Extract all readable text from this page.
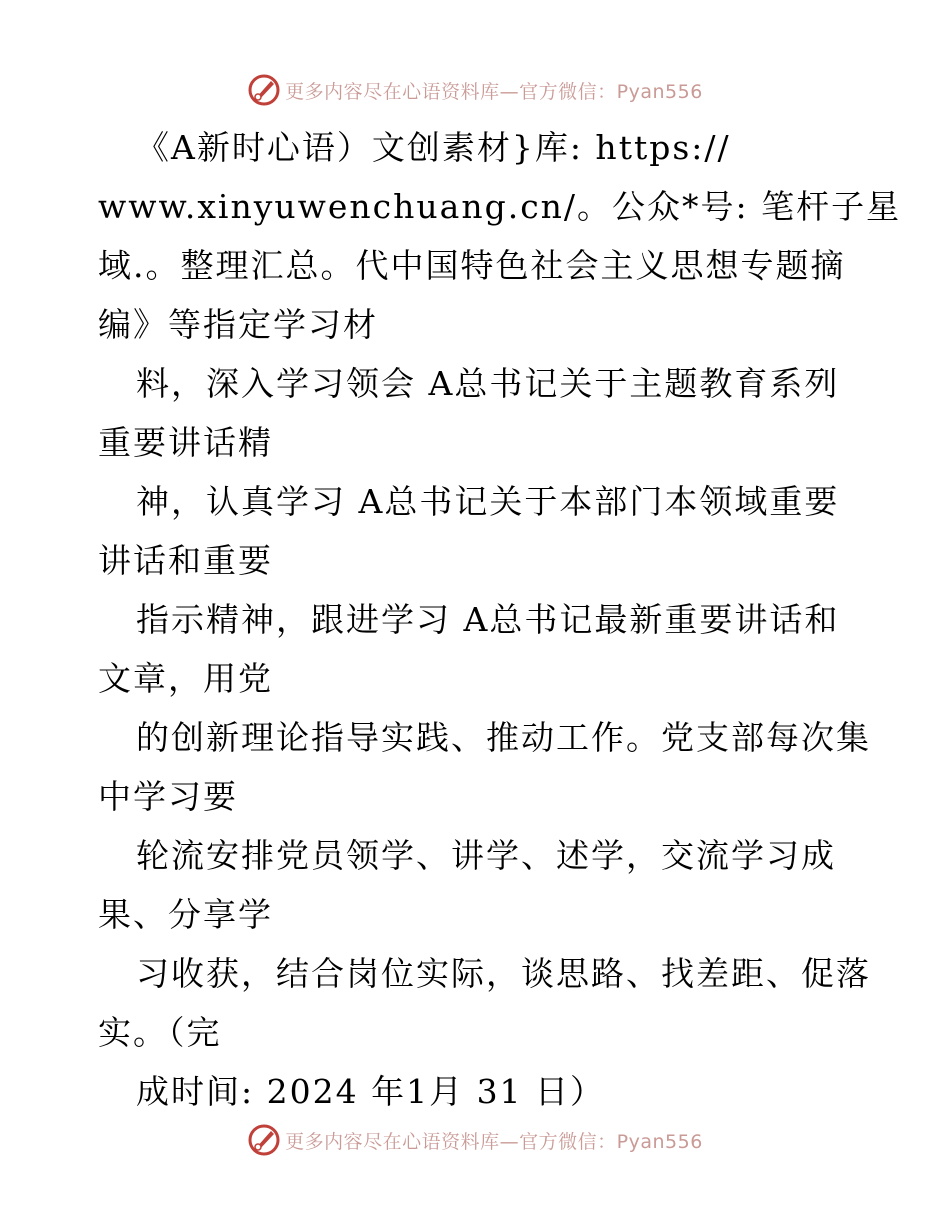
更多内容尽在心语资料库—官方微信：Pyan556
《A新时心语）文创素材}库: https://
www.xinyuwenchuang.cn/。公众*号: 笔杆子星
域.。整理汇总。代中国特色社会主义思想专题摘
编》等指定学习材
料，深入学习领会 A总书记关于主题教育系列
重要讲话精
神，认真学习 A总书记关于本部门本领域重要
讲话和重要
指示精神，跟进学习 A总书记最新重要讲话和
文章，用党
的创新理论指导实践、推动工作。党支部每次集
中学习要
轮流安排党员领学、讲学、述学，交流学习成
果、分享学
习收获，结合岗位实际，谈思路、找差距、促落
实。（完
成时间: 2024 年1月 31 日）
更多内容尽在心语资料库—官方微信：Pyan556
